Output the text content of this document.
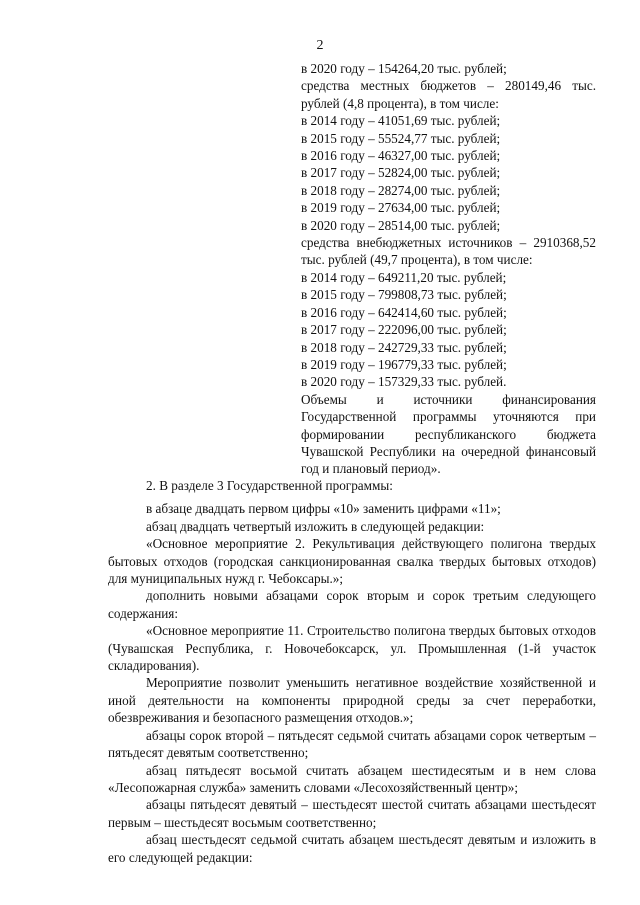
2

в 2020 году – 154264,20 тыс. рублей;

средства местных бюджетов – 280149,46 тыс. рублей (4,8 процента), в том числе:

в 2014 году – 41051,69 тыс. рублей;

в 2015 году – 55524,77 тыс. рублей;

в 2016 году – 46327,00 тыс. рублей;

в 2017 году – 52824,00 тыс. рублей;

в 2018 году – 28274,00 тыс. рублей;

в 2019 году – 27634,00 тыс. рублей;

в 2020 году – 28514,00 тыс. рублей;

средства внебюджетных источников – 2910368,52 тыс. рублей (49,7 процента), в том числе:

в 2014 году – 649211,20 тыс. рублей;

в 2015 году – 799808,73 тыс. рублей;

в 2016 году – 642414,60 тыс. рублей;

в 2017 году – 222096,00 тыс. рублей;

в 2018 году – 242729,33 тыс. рублей;

в 2019 году – 196779,33 тыс. рублей;

в 2020 году – 157329,33 тыс. рублей.

Объемы и источники финансирования Государственной программы уточняются при формировании республиканского бюджета Чувашской Республики на очередной финансовый год и плановый период».

2. В разделе 3 Государственной программы:

в абзаце двадцать первом цифры «10» заменить цифрами «11»;

абзац двадцать четвертый изложить в следующей редакции:

«Основное мероприятие 2. Рекультивация действующего полигона твердых бытовых отходов (городская санкционированная свалка твердых бытовых отходов) для муниципальных нужд г. Чебоксары.»;

дополнить новыми абзацами сорок вторым и сорок третьим следующего содержания:

«Основное мероприятие 11. Строительство полигона твердых бытовых отходов (Чувашская Республика, г. Новочебоксарск, ул. Промышленная (1-й участок складирования).

Мероприятие позволит уменьшить негативное воздействие хозяйственной и иной деятельности на компоненты природной среды за счет переработки, обезвреживания и безопасного размещения отходов.»;

абзацы сорок второй – пятьдесят седьмой считать абзацами сорок четвертым – пятьдесят девятым соответственно;

абзац пятьдесят восьмой считать абзацем шестидесятым и в нем слова «Лесопожарная служба» заменить словами «Лесохозяйственный центр»;

абзацы пятьдесят девятый – шестьдесят шестой считать абзацами шестьдесят первым – шестьдесят восьмым соответственно;

абзац шестьдесят седьмой считать абзацем шестьдесят девятым и изложить в его следующей редакции:
